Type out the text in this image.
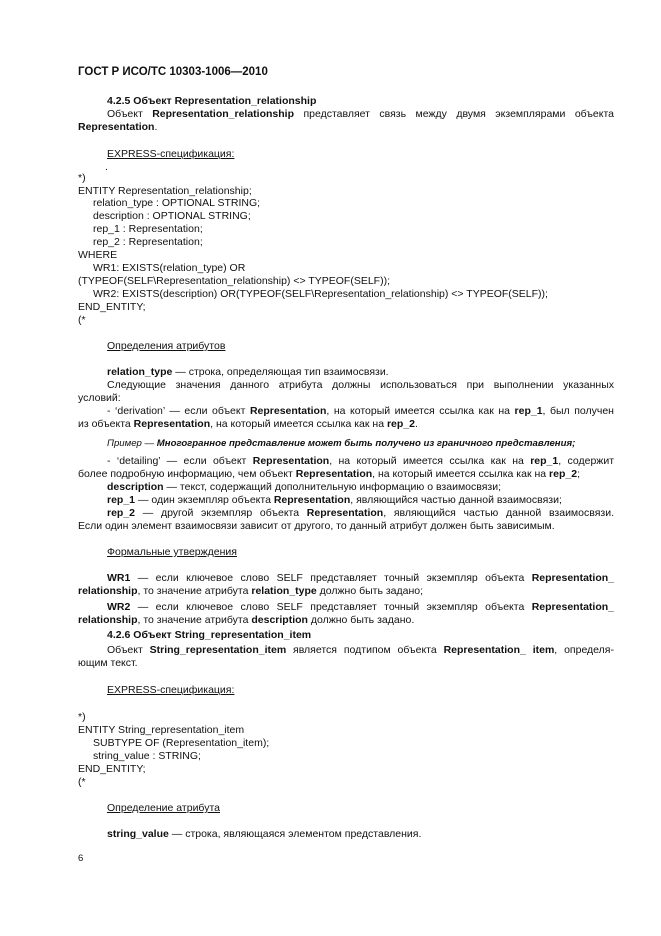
ГОСТ Р ИСО/ТС 10303-1006—2010
4.2.5 Объект Representation_relationship
Объект Representation_relationship представляет связь между двумя экземплярами объекта
Representation.
EXPRESS-спецификация:
.
*)
ENTITY Representation_relationship;
relation_type : OPTIONAL STRING;
description : OPTIONAL STRING;
rep_1 : Representation;
rep_2 : Representation;
WHERE
WR1: EXISTS(relation_type) OR
(TYPEOF(SELF\Representation_relationship) <> TYPEOF(SELF));
WR2: EXISTS(description) OR(TYPEOF(SELF\Representation_relationship) <> TYPEOF(SELF));
END_ENTITY;
(*
Определения атрибутов
relation_type — строка, определяющая тип взаимосвязи.
Следующие значения данного атрибута должны использоваться при выполнении указанных
условий:
- ‘derivation’ — если объект Representation, на который имеется ссылка как на rep_1, был получен
из объекта Representation, на который имеется ссылка как на rep_2.
Пример — Многогранное представление может быть получено из граничного представления;
- ‘detailing’ — если объект Representation, на который имеется ссылка как на rep_1, содержит
более подробную информацию, чем объект Representation, на который имеется ссылка как на rep_2;
description — текст, содержащий дополнительную информацию о взаимосвязи;
rep_1 — один экземпляр объекта Representation, являющийся частью данной взаимосвязи;
rep_2 — другой экземпляр объекта Representation, являющийся частью данной взаимосвязи.
Если один элемент взаимосвязи зависит от другого, то данный атрибут должен быть зависимым.
Формальные утверждения
WR1 — если ключевое слово SELF представляет точный экземпляр объекта Representation_
relationship, то значение атрибута relation_type должно быть задано;
WR2 — если ключевое слово SELF представляет точный экземпляр объекта Representation_
relationship, то значение атрибута description должно быть задано.
4.2.6 Объект String_representation_item
Объект String_representation_item является подтипом объекта Representation_ item, определя-
ющим текст.
EXPRESS-спецификация:
*)
ENTITY String_representation_item
SUBTYPE OF (Representation_item);
string_value : STRING;
END_ENTITY;
(*
Определение атрибута
string_value — строка, являющаяся элементом представления.
6
